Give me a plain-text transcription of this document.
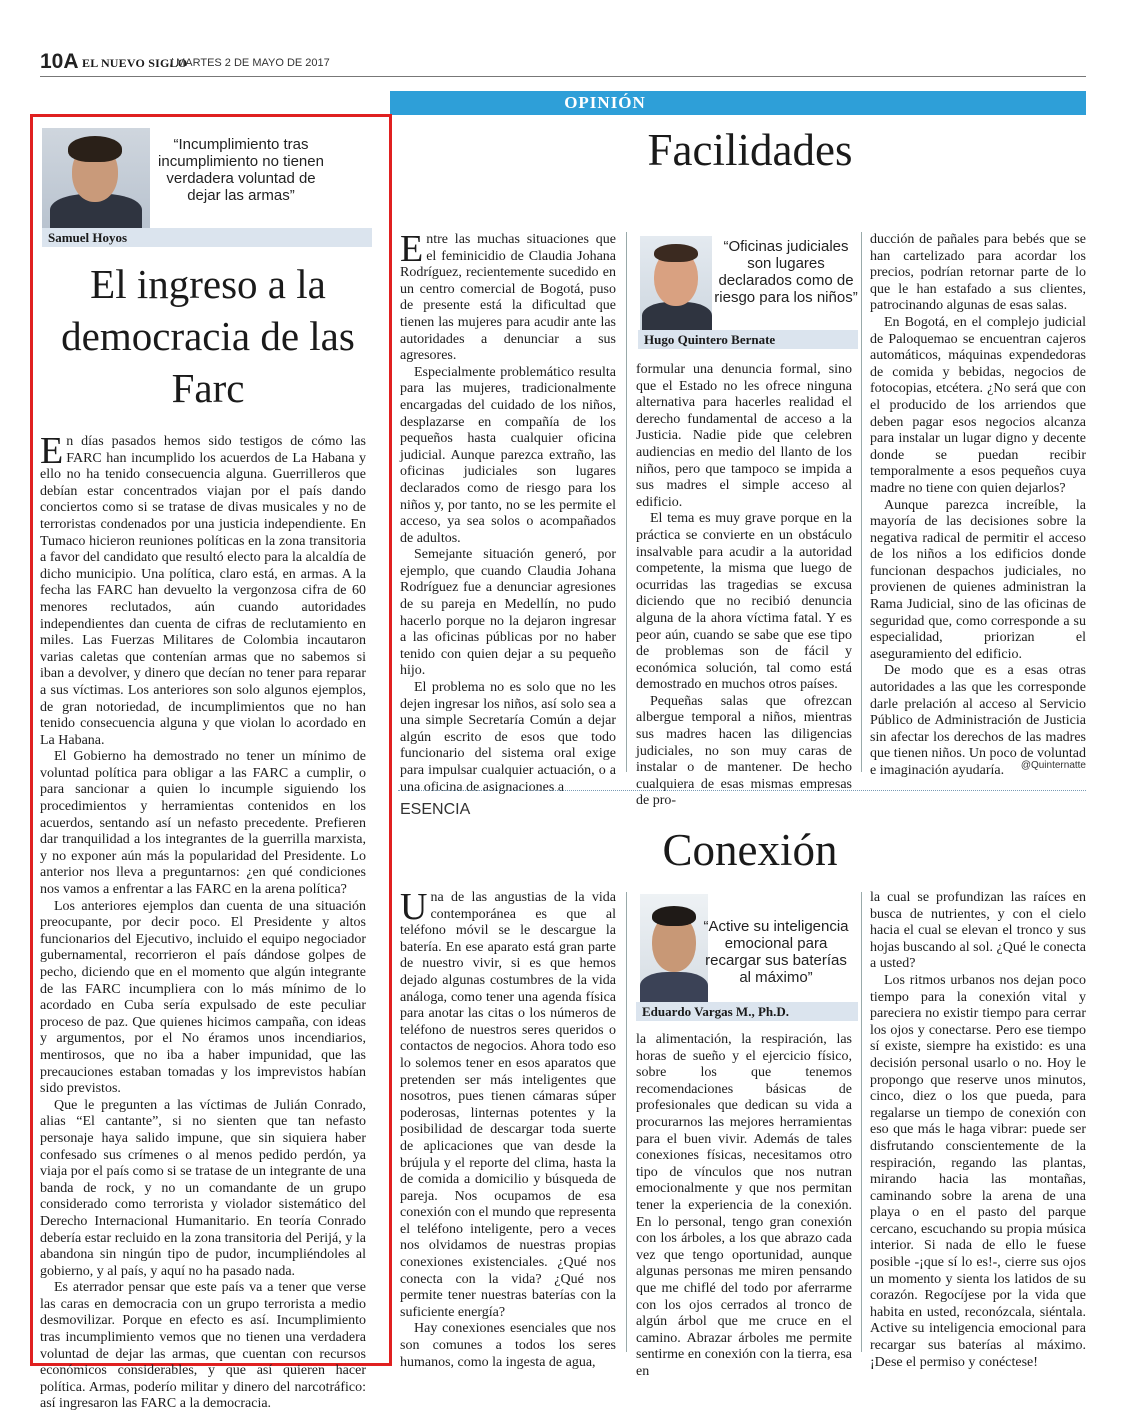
10A EL NUEVO SIGLO
/ MARTES 2 DE MAYO DE 2017
OPINIÓN
“Incumplimiento tras incumplimiento no tienen verdadera voluntad de dejar las armas”
Samuel Hoyos
El ingreso a la democracia de las Farc

En días pasados hemos sido testigos de cómo las FARC han incumplido los acuerdos de La Habana y ello no ha tenido consecuencia alguna. Guerrilleros que debían estar concentrados viajan por el país dando conciertos como si se tratase de divas musicales y no de terroristas condenados por una justicia independiente. En Tumaco hicieron reuniones políticas en la zona transitoria a favor del candidato que resultó electo para la alcaldía de dicho municipio. Una política, claro está, en armas. A la fecha las FARC han devuelto la vergonzosa cifra de 60 menores reclutados, aún cuando autoridades independientes dan cuenta de cifras de reclutamiento en miles. Las Fuerzas Militares de Colombia incautaron varias caletas que contenían armas que no sabemos si iban a devolver, y dinero que decían no tener para reparar a sus víctimas. Los anteriores son solo algunos ejemplos, de gran notoriedad, de incumplimientos que no han tenido consecuencia alguna y que violan lo acordado en La Habana.

El Gobierno ha demostrado no tener un mínimo de voluntad política para obligar a las FARC a cumplir, o para sancionar a quien lo incumple siguiendo los procedimientos y herramientas contenidos en los acuerdos, sentando así un nefasto precedente. Prefieren dar tranquilidad a los integrantes de la guerrilla marxista, y no exponer aún más la popularidad del Presidente. Lo anterior nos lleva a preguntarnos: ¿en qué condiciones nos vamos a enfrentar a las FARC en la arena política?

Los anteriores ejemplos dan cuenta de una situación preocupante, por decir poco. El Presidente y altos funcionarios del Ejecutivo, incluido el equipo negociador gubernamental, recorrieron el país dándose golpes de pecho, diciendo que en el momento que algún integrante de las FARC incumpliera con lo más mínimo de lo acordado en Cuba sería expulsado de este peculiar proceso de paz. Que quienes hicimos campaña, con ideas y argumentos, por el No éramos unos incendiarios, mentirosos, que no iba a haber impunidad, que las precauciones estaban tomadas y los imprevistos habían sido previstos.

Que le pregunten a las víctimas de Julián Conrado, alias “El cantante”, si no sienten que tan nefasto personaje haya salido impune, que sin siquiera haber confesado sus crímenes o al menos pedido perdón, ya viaja por el país como si se tratase de un integrante de una banda de rock, y no un comandante de un grupo considerado como terrorista y violador sistemático del Derecho Internacional Humanitario. En teoría Conrado debería estar recluido en la zona transitoria del Perijá, y la abandona sin ningún tipo de pudor, incumpliéndoles al gobierno, y al país, y aquí no ha pasado nada.

Es aterrador pensar que este país va a tener que verse las caras en democracia con un grupo terrorista a medio desmovilizar. Porque en efecto es así. Incumplimiento tras incumplimiento vemos que no tienen una verdadera voluntad de dejar las armas, que cuentan con recursos económicos considerables, y que así quieren hacer política. Armas, poderío militar y dinero del narcotráfico: así ingresaron las FARC a la democracia.

Facilidades

Entre las muchas situaciones que el feminicidio de Claudia Johana Rodríguez, recientemente sucedido en un centro comercial de Bogotá, puso de presente está la dificultad que tienen las mujeres para acudir ante las autoridades a denunciar a sus agresores.

Especialmente problemático resulta para las mujeres, tradicionalmente encargadas del cuidado de los niños, desplazarse en compañía de los pequeños hasta cualquier oficina judicial. Aunque parezca extraño, las oficinas judiciales son lugares declarados como de riesgo para los niños y, por tanto, no se les permite el acceso, ya sea solos o acompañados de adultos.

Semejante situación generó, por ejemplo, que cuando Claudia Johana Rodríguez fue a denunciar agresiones de su pareja en Medellín, no pudo hacerlo porque no la dejaron ingresar a las oficinas públicas por no haber tenido con quien dejar a su pequeño hijo.

El problema no es solo que no les dejen ingresar los niños, así solo sea a una simple Secretaría Común a dejar algún escrito de esos que todo funcionario del sistema oral exige para impulsar cualquier actuación, o a una oficina de asignaciones a

“Oficinas judiciales son lugares declarados como de riesgo para los niños”
Hugo Quintero Bernate

formular una denuncia formal, sino que el Estado no les ofrece ninguna alternativa para hacerles realidad el derecho fundamental de acceso a la Justicia. Nadie pide que celebren audiencias en medio del llanto de los niños, pero que tampoco se impida a sus madres el simple acceso al edificio.

El tema es muy grave porque en la práctica se convierte en un obstáculo insalvable para acudir a la autoridad competente, la misma que luego de ocurridas las tragedias se excusa diciendo que no recibió denuncia alguna de la ahora víctima fatal. Y es peor aún, cuando se sabe que ese tipo de problemas son de fácil y económica solución, tal como está demostrado en muchos otros países.

Pequeñas salas que ofrezcan albergue temporal a niños, mientras sus madres hacen las diligencias judiciales, no son muy caras de instalar o de mantener. De hecho cualquiera de esas mismas empresas de pro-

ducción de pañales para bebés que se han cartelizado para acordar los precios, podrían retornar parte de lo que le han estafado a sus clientes, patrocinando algunas de esas salas.

En Bogotá, en el complejo judicial de Paloquemao se encuentran cajeros automáticos, máquinas expendedoras de comida y bebidas, negocios de fotocopias, etcétera. ¿No será que con el producido de los arriendos que deben pagar esos negocios alcanza para instalar un lugar digno y decente donde se puedan recibir temporalmente a esos pequeños cuya madre no tiene con quien dejarlos?

Aunque parezca increíble, la mayoría de las decisiones sobre la negativa radical de permitir el acceso de los niños a los edificios donde funcionan despachos judiciales, no provienen de quienes administran la Rama Judicial, sino de las oficinas de seguridad que, como corresponde a su especialidad, priorizan el aseguramiento del edificio.

De modo que es a esas otras autoridades a las que les corresponde darle prelación al acceso al Servicio Público de Administración de Justicia sin afectar los derechos de las madres que tienen niños. Un poco de voluntad e imaginación ayudaría.	@Quinternatte
ESENCIA
Conexión

Una de las angustias de la vida contemporánea es que al teléfono móvil se le descargue la batería. En ese aparato está gran parte de nuestro vivir, si es que hemos dejado algunas costumbres de la vida análoga, como tener una agenda física para anotar las citas o los números de teléfono de nuestros seres queridos o contactos de negocios. Ahora todo eso lo solemos tener en esos aparatos que pretenden ser más inteligentes que nosotros, pues tienen cámaras súper poderosas, linternas potentes y la posibilidad de descargar toda suerte de aplicaciones que van desde la brújula y el reporte del clima, hasta la de comida a domicilio y búsqueda de pareja. Nos ocupamos de esa conexión con el mundo que representa el teléfono inteligente, pero a veces nos olvidamos de nuestras propias conexiones existenciales. ¿Qué nos conecta con la vida? ¿Qué nos permite tener nuestras baterías con la suficiente energía?

Hay conexiones esenciales que nos son comunes a todos los seres humanos, como la ingesta de agua,

“Active su inteligencia emocional para recargar sus baterías al máximo”
Eduardo Vargas M., Ph.D.

la alimentación, la respiración, las horas de sueño y el ejercicio físico, sobre los que tenemos recomendaciones básicas de profesionales que dedican su vida a procurarnos las mejores herramientas para el buen vivir. Además de tales conexiones físicas, necesitamos otro tipo de vínculos que nos nutran emocionalmente y que nos permitan tener la experiencia de la conexión. En lo personal, tengo gran conexión con los árboles, a los que abrazo cada vez que tengo oportunidad, aunque algunas personas me miren pensando que me chiflé del todo por aferrarme con los ojos cerrados al tronco de algún árbol que me cruce en el camino. Abrazar árboles me permite sentirme en conexión con la tierra, esa en

la cual se profundizan las raíces en busca de nutrientes, y con el cielo hacia el cual se elevan el tronco y sus hojas buscando al sol. ¿Qué le conecta a usted?

Los ritmos urbanos nos dejan poco tiempo para la conexión vital y pareciera no existir tiempo para cerrar los ojos y conectarse. Pero ese tiempo sí existe, siempre ha existido: es una decisión personal usarlo o no. Hoy le propongo que reserve unos minutos, cinco, diez o los que pueda, para regalarse un tiempo de conexión con eso que más le haga vibrar: puede ser disfrutando conscientemente de la respiración, regando las plantas, mirando hacia las montañas, caminando sobre la arena de una playa o en el pasto del parque cercano, escuchando su propia música interior. Si nada de ello le fuese posible -¡que sí lo es!-, cierre sus ojos un momento y sienta los latidos de su corazón. Regocíjese por la vida que habita en usted, reconózcala, siéntala. Active su inteligencia emocional para recargar sus baterías al máximo. ¡Dese el permiso y conéctese!
